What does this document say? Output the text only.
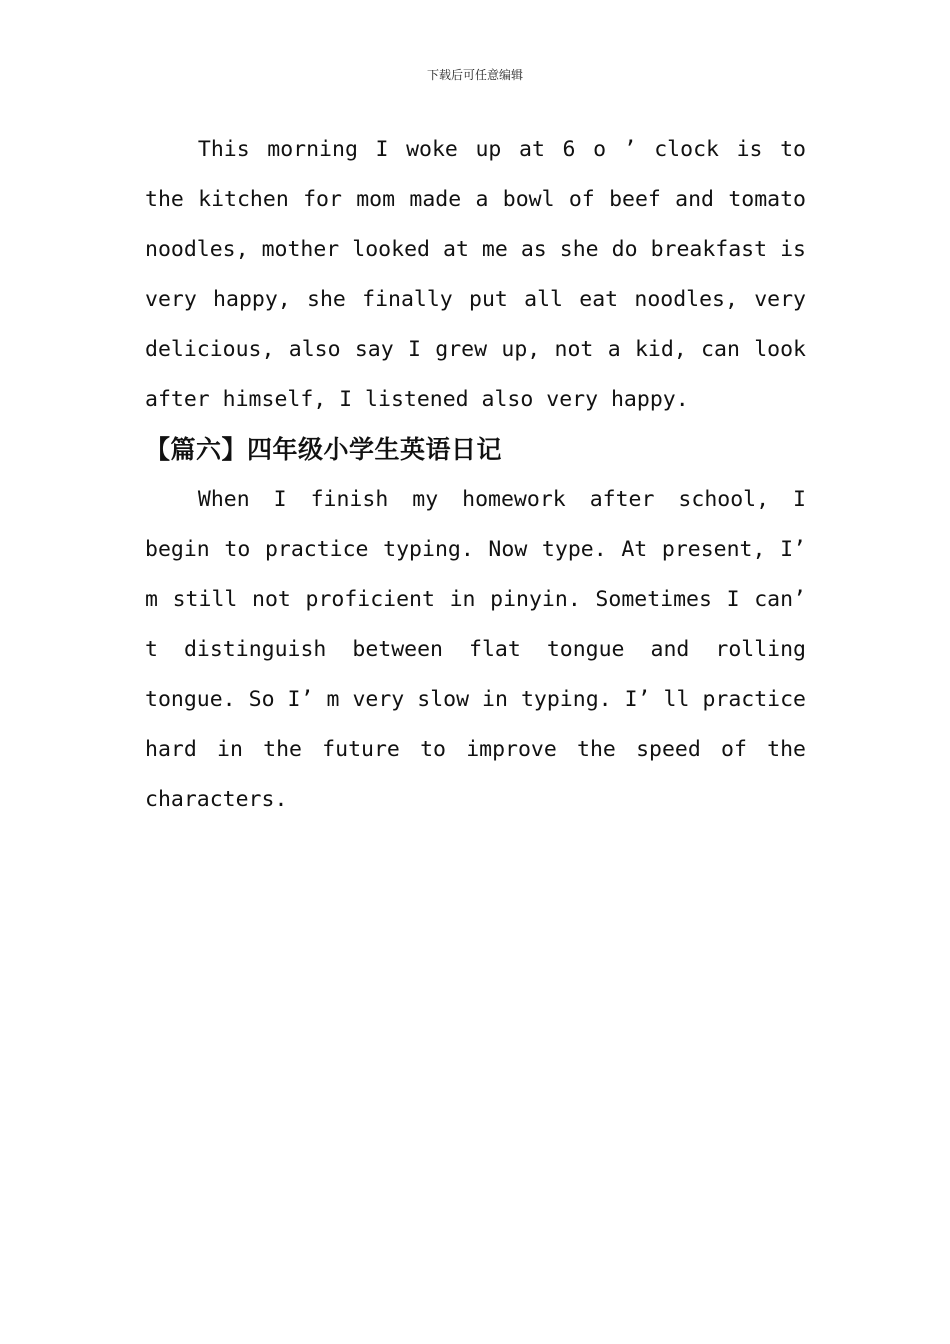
下载后可任意编辑

This morning I woke up at 6 o ’ clock is to the kitchen for mom made a bowl of beef and tomato noodles, mother looked at me as she do breakfast is very happy, she finally put all eat noodles, very delicious, also say I grew up, not a kid, can look after himself, I listened also very happy.

【篇六】四年级小学生英语日记

When I finish my homework after school, I begin to practice typing. Now type. At present, I’ m still not proficient in pinyin. Sometimes I can’ t distinguish between flat tongue and rolling tongue. So I’ m very slow in typing. I’ ll practice hard in the future to improve the speed of the characters.
